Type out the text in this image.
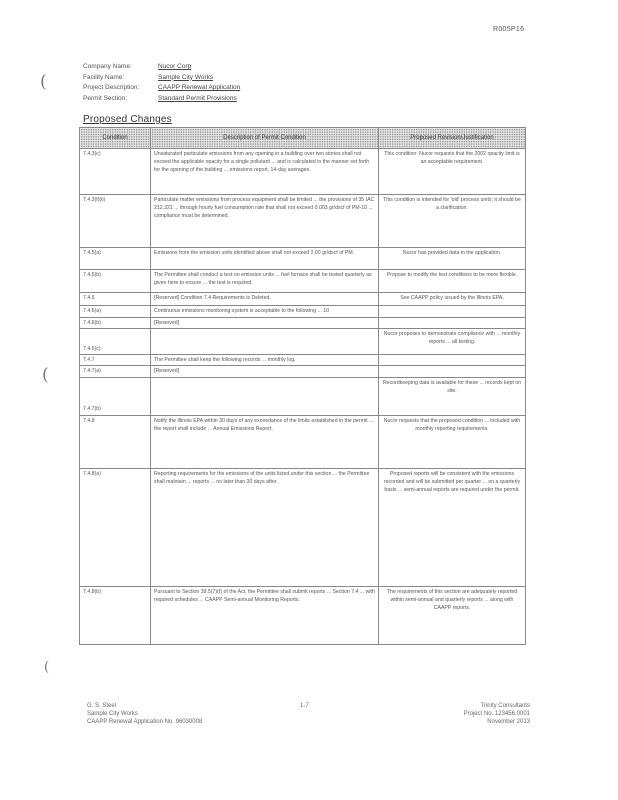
R005P16
(
(
(
Company Name:	Nucor Corp
Facility Name:	Sample City Works
Project Description:	CAAPP Renewal Application
Permit Section:	Standard Permit Provisions
Proposed Changes
Condition	Description of Permit Condition	Proposed Revision/Justification
7.4.3(c)	Unsaturated particulate emissions from any opening in a building over two stories shall not exceed the applicable opacity for a single pollutant ... and is calculated in the manner set forth for the opening of the building ... emissions report, 14-day averages.	This condition: Nucor requests that the 2002 opacity limit is an acceptable requirement.
7.4.3(f)(ii)	Particulate matter emissions from process equipment shall be limited ... the provisions of 35 IAC 212.321 ... through hourly fuel consumption rate that shall not exceed 0.003 gr/dscf of PM-10 ... compliance must be determined.	This condition is intended for 'old' process units; it should be a clarification.
7.4.5(a)	Emissions from the emission units identified above shall not exceed 2.00 gr/dscf of PM.	Nucor has provided data in the application.
7.4.5(b)	The Permittee shall conduct a test on emission units ... fuel furnace shall be tested quarterly as given here to ensure ... the test is required.	Propose to modify the test conditions to be more flexible.
7.4.6	[Reserved] Condition 7.4 Requirements is Deleted.	See CAAPP policy issued by the Illinois EPA.
7.4.6(a)	Continuous emissions monitoring system is acceptable to the following ... 10	
7.4.6(b)	[Reserved]	
7.4.6(c)		Nucor proposes to demonstrate compliance with ... monthly reports ... all testing.
7.4.7	The Permittee shall keep the following records ... monthly log.	
7.4.7(a)	[Reserved]	
7.4.7(b)		Recordkeeping data is available for these ... records kept on site.
7.4.8	Notify the Illinois EPA within 30 days of any exceedance of the limits established in the permit ... the report shall include ... Annual Emissions Report.	Nucor requests that the proposed condition ... included with monthly reporting requirements.
7.4.8(a)	Reporting requirements for the emissions of the units listed under this section ... the Permittee shall maintain ... reports ... no later than 30 days after.	Proposed reports will be consistent with the emissions recorded and will be submitted per quarter ... on a quarterly basis ... semi-annual reports are required under the permit.
7.4.8(b)	Pursuant to Section 39.5(7)(f) of the Act, the Permittee shall submit reports ... Section 7.4 ... with required schedules ... CAAPP Semi-annual Monitoring Reports.	The requirements of this section are adequately reported within semi-annual and quarterly reports ... along with CAAPP reports.
G. S. Steel
Sample City Works
CAAPP Renewal Application No. 96030008
1-7	Trinity Consultants
Project No. 123456.0001
November 2013
